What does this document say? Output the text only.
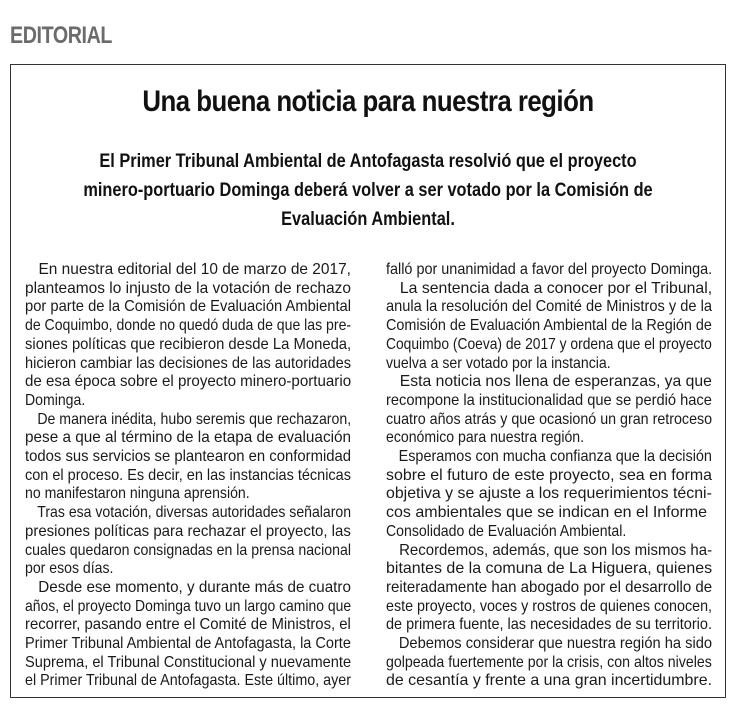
EDITORIAL
Una buena noticia para nuestra región
El Primer Tribunal Ambiental de Antofagasta resolvió que el proyecto
minero-portuario Dominga deberá volver a ser votado por la Comisión de
Evaluación Ambiental.
En nuestra editorial del 10 de marzo de 2017,
planteamos lo injusto de la votación de rechazo
por parte de la Comisión de Evaluación Ambiental
de Coquimbo, donde no quedó duda de que las pre-
siones políticas que recibieron desde La Moneda,
hicieron cambiar las decisiones de las autoridades
de esa época sobre el proyecto minero-portuario
Dominga.
De manera inédita, hubo seremis que rechazaron,
pese a que al término de la etapa de evaluación
todos sus servicios se plantearon en conformidad
con el proceso. Es decir, en las instancias técnicas
no manifestaron ninguna aprensión.
Tras esa votación, diversas autoridades señalaron
presiones políticas para rechazar el proyecto, las
cuales quedaron consignadas en la prensa nacional
por esos días.
Desde ese momento, y durante más de cuatro
años, el proyecto Dominga tuvo un largo camino que
recorrer, pasando entre el Comité de Ministros, el
Primer Tribunal Ambiental de Antofagasta, la Corte
Suprema, el Tribunal Constitucional y nuevamente
el Primer Tribunal de Antofagasta. Este último, ayer
falló por unanimidad a favor del proyecto Dominga.
La sentencia dada a conocer por el Tribunal,
anula la resolución del Comité de Ministros y de la
Comisión de Evaluación Ambiental de la Región de
Coquimbo (Coeva) de 2017 y ordena que el proyecto
vuelva a ser votado por la instancia.
Esta noticia nos llena de esperanzas, ya que
recompone la institucionalidad que se perdió hace
cuatro años atrás y que ocasionó un gran retroceso
económico para nuestra región.
Esperamos con mucha confianza que la decisión
sobre el futuro de este proyecto, sea en forma
objetiva y se ajuste a los requerimientos técni-
cos ambientales que se indican en el Informe
Consolidado de Evaluación Ambiental.
Recordemos, además, que son los mismos ha-
bitantes de la comuna de La Higuera, quienes
reiteradamente han abogado por el desarrollo de
este proyecto, voces y rostros de quienes conocen,
de primera fuente, las necesidades de su territorio.
Debemos considerar que nuestra región ha sido
golpeada fuertemente por la crisis, con altos niveles
de cesantía y frente a una gran incertidumbre.
